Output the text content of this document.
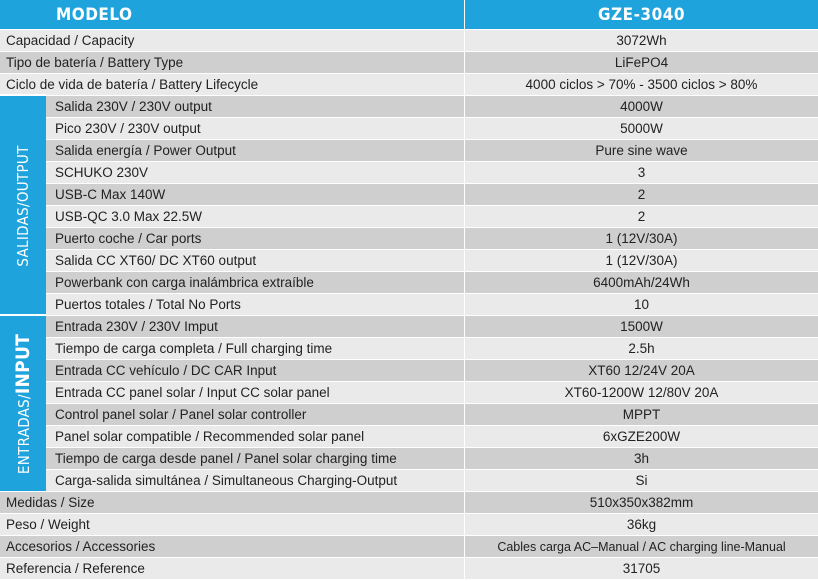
MODELO	GZE-3040
Capacidad / Capacity	3072Wh
Tipo de batería / Battery Type	LiFePO4
Ciclo de vida de batería / Battery Lifecycle	4000 ciclos > 70% - 3500 ciclos > 80%
Salida 230V / 230V output	4000W
Pico 230V / 230V output	5000W
Salida energía / Power Output	Pure sine wave
SCHUKO 230V	3
USB-C Max 140W	2
USB-QC 3.0 Max 22.5W	2
Puerto coche / Car ports	1 (12V/30A)
Salida CC XT60/ DC XT60 output	1 (12V/30A)
Powerbank con carga inalámbrica extraíble	6400mAh/24Wh
Puertos totales / Total No Ports	10
Entrada 230V / 230V Imput	1500W
Tiempo de carga completa / Full charging time	2.5h
Entrada CC vehículo / DC CAR Input	XT60 12/24V 20A
Entrada CC panel solar / Input CC solar panel	XT60-1200W 12/80V 20A
Control panel solar / Panel solar controller	MPPT
Panel solar compatible / Recommended solar panel	6xGZE200W
Tiempo de carga desde panel / Panel solar charging time	3h
Carga-salida simultánea / Simultaneous Charging-Output	Si
Medidas / Size	510x350x382mm
Peso / Weight	36kg
Accesorios / Accessories	Cables carga AC–Manual / AC charging line-Manual
Referencia / Reference	31705
SALIDAS/OUTPUT
ENTRADAS/INPUT
